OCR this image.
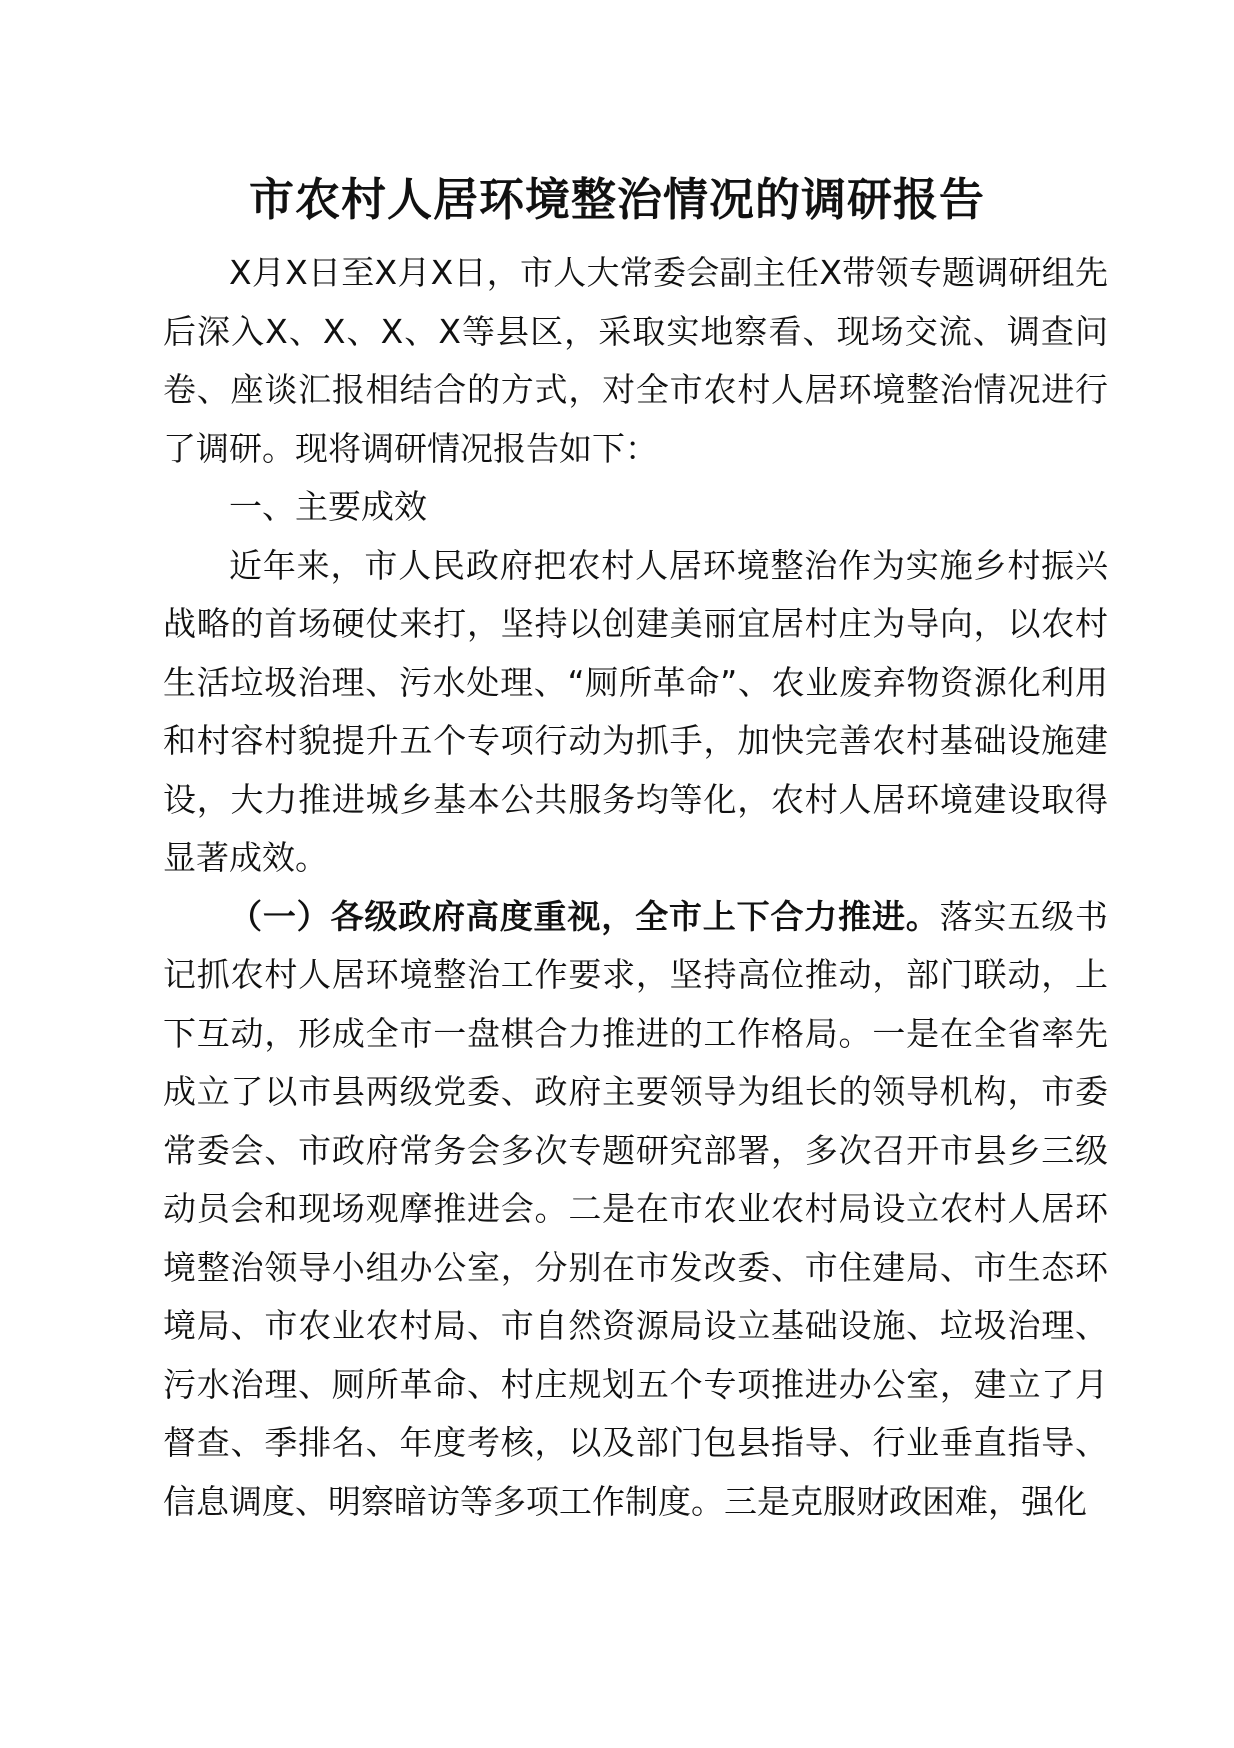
市农村人居环境整治情况的调研报告

X月X日至X月X日，市人大常委会副主任X带领专题调研组先后深入X、X、X、X等县区，采取实地察看、现场交流、调查问卷、座谈汇报相结合的方式，对全市农村人居环境整治情况进行了调研。现将调研情况报告如下：

一、主要成效

近年来，市人民政府把农村人居环境整治作为实施乡村振兴战略的首场硬仗来打，坚持以创建美丽宜居村庄为导向，以农村生活垃圾治理、污水处理、“厕所革命”、农业废弃物资源化利用和村容村貌提升五个专项行动为抓手，加快完善农村基础设施建设，大力推进城乡基本公共服务均等化，农村人居环境建设取得显著成效。

（一）各级政府高度重视，全市上下合力推进。落实五级书记抓农村人居环境整治工作要求，坚持高位推动，部门联动，上下互动，形成全市一盘棋合力推进的工作格局。一是在全省率先成立了以市县两级党委、政府主要领导为组长的领导机构，市委常委会、市政府常务会多次专题研究部署，多次召开市县乡三级动员会和现场观摩推进会。二是在市农业农村局设立农村人居环境整治领导小组办公室，分别在市发改委、市住建局、市生态环境局、市农业农村局、市自然资源局设立基础设施、垃圾治理、污水治理、厕所革命、村庄规划五个专项推进办公室，建立了月督查、季排名、年度考核，以及部门包县指导、行业垂直指导、信息调度、明察暗访等多项工作制度。三是克服财政困难，强化
